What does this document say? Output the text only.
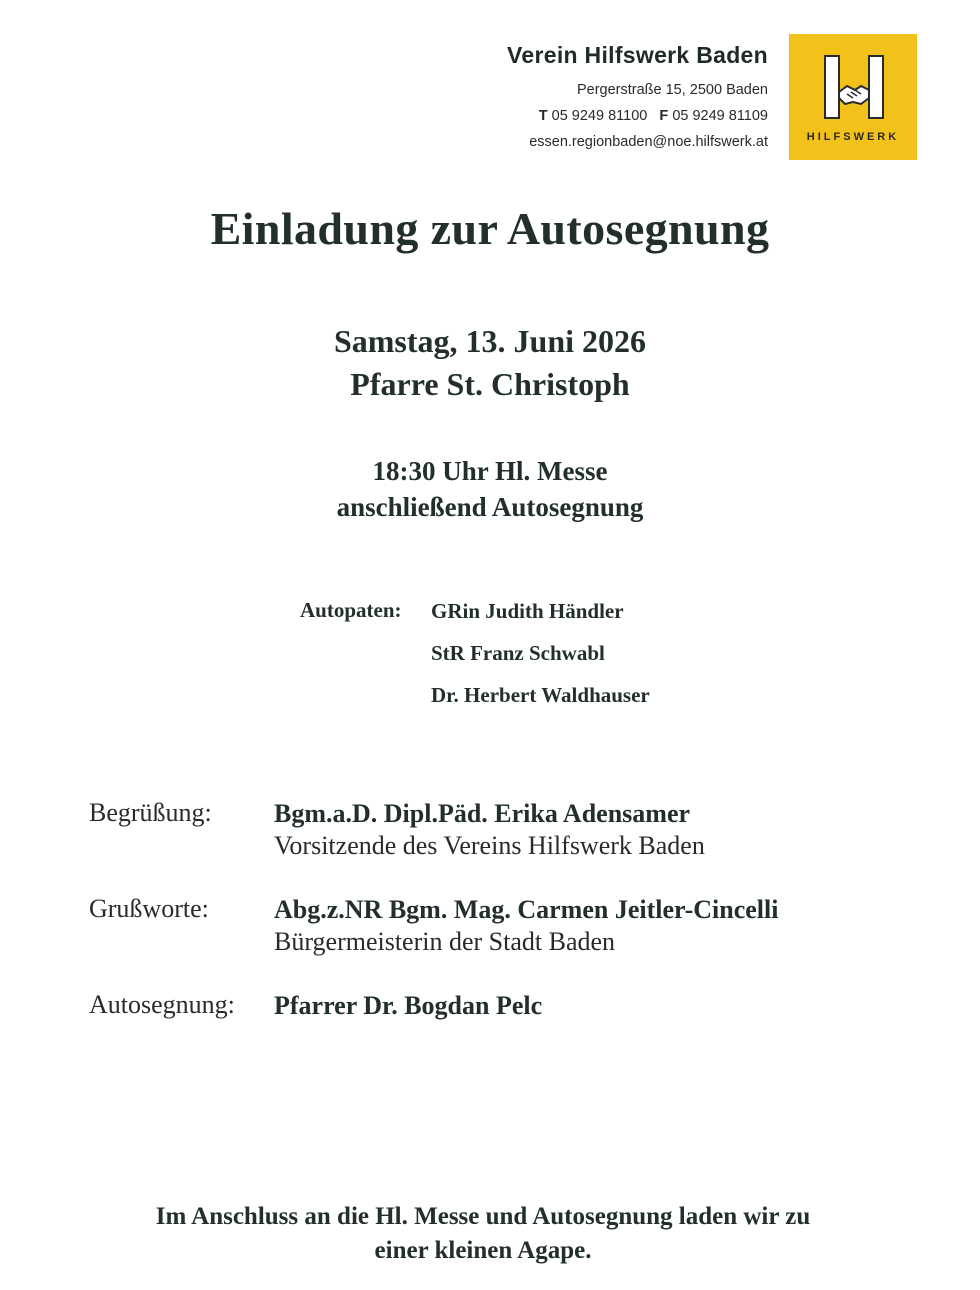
Verein Hilfswerk Baden
Pergerstraße 15, 2500 Baden
T 05 9249 81100 F 05 9249 81109
essen.regionbaden@noe.hilfswerk.at	HILFSWERK
Einladung zur Autosegnung
Samstag, 13. Juni 2026
Pfarre St. Christoph
18:30 Uhr Hl. Messe
anschließend Autosegnung
Autopaten: GRin Judith Händler
StR Franz Schwabl
Dr. Herbert Waldhauser
Begrüßung: Bgm.a.D. Dipl.Päd. Erika Adensamer
Vorsitzende des Vereins Hilfswerk Baden
Grußworte:	Abg.z.NR Bgm. Mag. Carmen Jeitler-Cincelli
Bürgermeisterin der Stadt Baden
Autosegnung: Pfarrer Dr. Bogdan Pelc
Im Anschluss an die Hl. Messe und Autosegnung laden wir zu
einer kleinen Agape.
